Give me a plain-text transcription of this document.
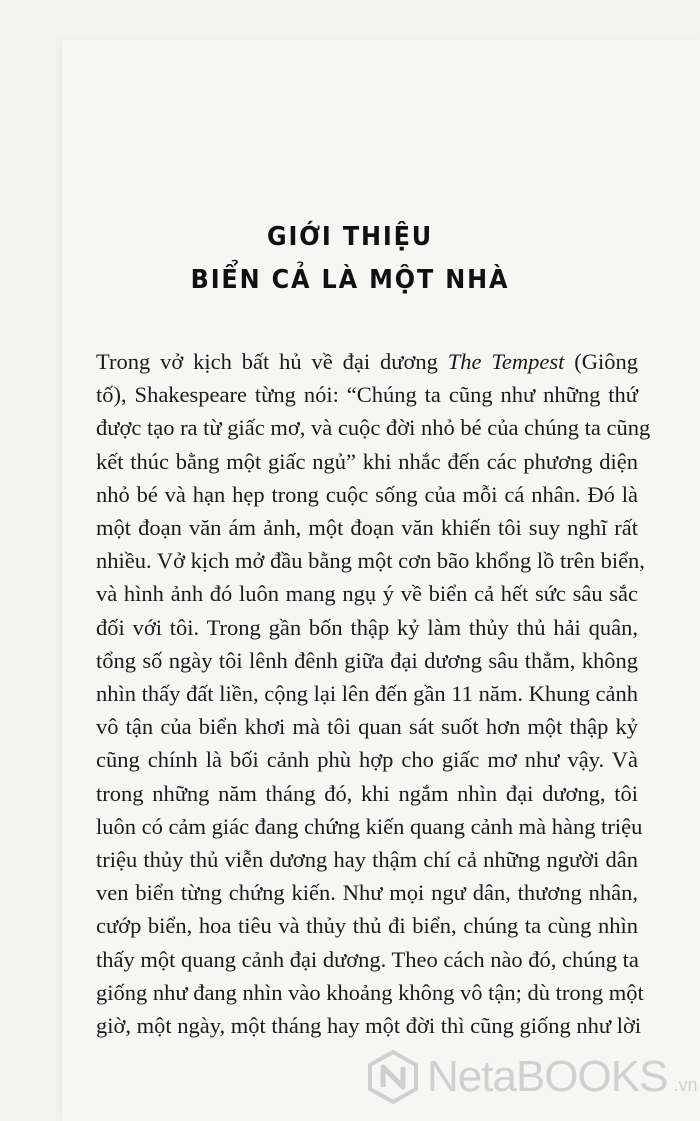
GIỚI THIỆU
BIỂN CẢ LÀ MỘT NHÀ
Trong vở kịch bất hủ về đại dương The Tempest (Giông
tố), Shakespeare từng nói: “Chúng ta cũng như những thứ
được tạo ra từ giấc mơ, và cuộc đời nhỏ bé của chúng ta cũng
kết thúc bằng một giấc ngủ” khi nhắc đến các phương diện
nhỏ bé và hạn hẹp trong cuộc sống của mỗi cá nhân. Đó là
một đoạn văn ám ảnh, một đoạn văn khiến tôi suy nghĩ rất
nhiều. Vở kịch mở đầu bằng một cơn bão khổng lồ trên biển,
và hình ảnh đó luôn mang ngụ ý về biển cả hết sức sâu sắc
đối với tôi. Trong gần bốn thập kỷ làm thủy thủ hải quân,
tổng số ngày tôi lênh đênh giữa đại dương sâu thẳm, không
nhìn thấy đất liền, cộng lại lên đến gần 11 năm. Khung cảnh
vô tận của biển khơi mà tôi quan sát suốt hơn một thập kỷ
cũng chính là bối cảnh phù hợp cho giấc mơ như vậy. Và
trong những năm tháng đó, khi ngắm nhìn đại dương, tôi
luôn có cảm giác đang chứng kiến quang cảnh mà hàng triệu
triệu thủy thủ viễn dương hay thậm chí cả những người dân
ven biển từng chứng kiến. Như mọi ngư dân, thương nhân,
cướp biển, hoa tiêu và thủy thủ đi biển, chúng ta cùng nhìn
thấy một quang cảnh đại dương. Theo cách nào đó, chúng ta
giống như đang nhìn vào khoảng không vô tận; dù trong một
giờ, một ngày, một tháng hay một đời thì cũng giống như lời
NetaBOOKS .vn
